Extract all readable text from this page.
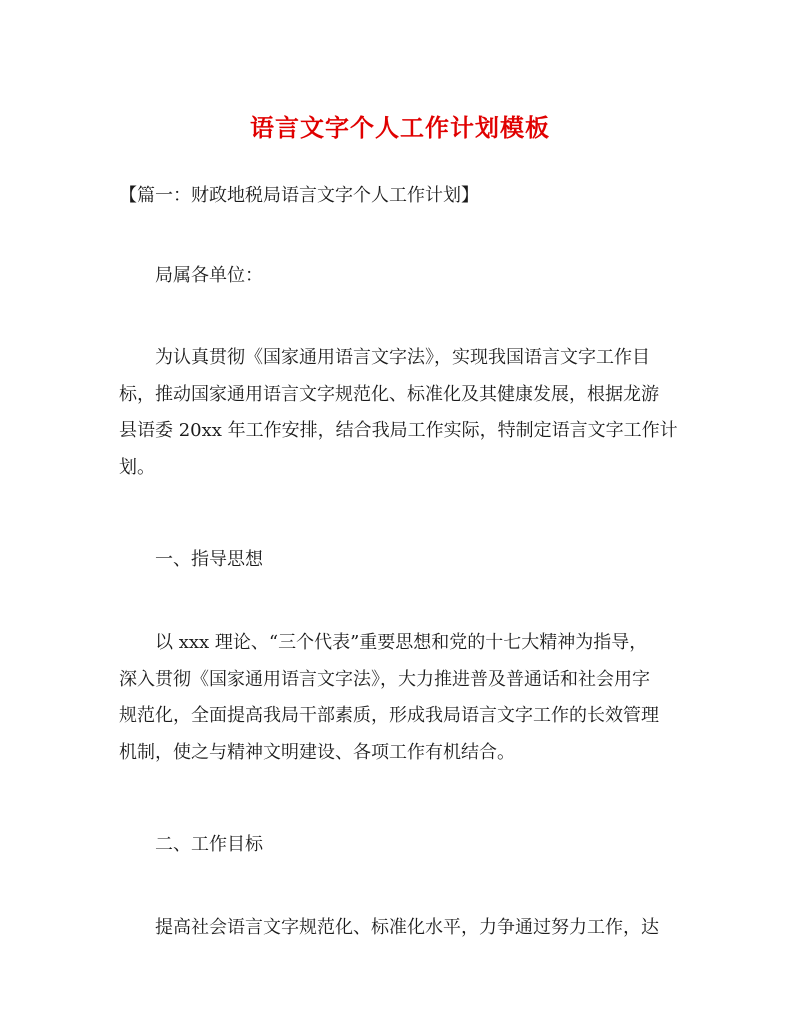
语言文字个人工作计划模板
【篇一：财政地税局语言文字个人工作计划】
局属各单位：
为认真贯彻《国家通用语言文字法》，实现我国语言文字工作目
标，推动国家通用语言文字规范化、标准化及其健康发展，根据龙游
县语委 20xx 年工作安排，结合我局工作实际，特制定语言文字工作计
划。
一、指导思想
以 xxx 理论、“三个代表”重要思想和党的十七大精神为指导，
深入贯彻《国家通用语言文字法》，大力推进普及普通话和社会用字
规范化，全面提高我局干部素质，形成我局语言文字工作的长效管理
机制，使之与精神文明建设、各项工作有机结合。
二、工作目标
提高社会语言文字规范化、标准化水平，力争通过努力工作，达
